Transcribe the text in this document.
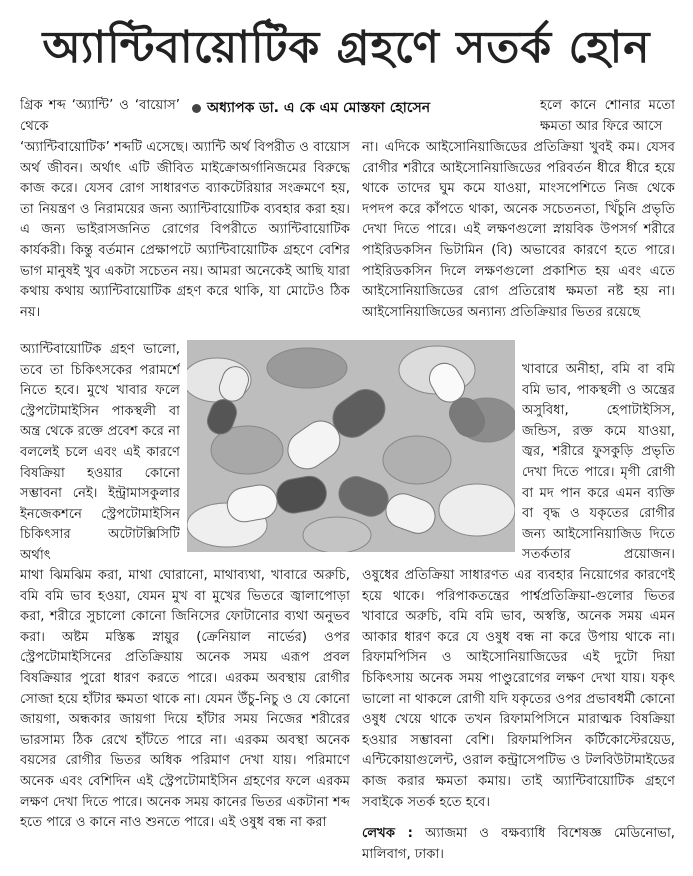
অ্যান্টিবায়োটিক গ্রহণে সতর্ক হোন
অধ্যাপক ডা. এ কে এম মোস্তফা হোসেন

গ্রিক শব্দ ‘অ্যান্টি’ ও ‘বায়োস’ থেকে

‘অ্যান্টিবায়োটিক’ শব্দটি এসেছে। অ্যান্টি অর্থ বিপরীত ও বায়োস অর্থ জীবন। অর্থাৎ এটি জীবিত মাইক্রোঅর্গানিজমের বিরুদ্ধে কাজ করে। যেসব রোগ সাধারণত ব্যাকটেরিয়ার সংক্রমণে হয়, তা নিয়ন্ত্রণ ও নিরাময়ের জন্য অ্যান্টিবায়োটিক ব্যবহার করা হয়। এ জন্য ভাইরাসজনিত রোগের বিপরীতে অ্যান্টিবায়োটিক কার্যকরী। কিন্তু বর্তমান প্রেক্ষাপটে অ্যান্টিবায়োটিক গ্রহণে বেশির ভাগ মানুষই খুব একটা সচেতন নয়। আমরা অনেকেই আছি যারা কথায় কথায় অ্যান্টিবায়োটিক গ্রহণ করে থাকি, যা মোটেও ঠিক নয়।

অ্যান্টিবায়োটিক গ্রহণ ভালো, তবে তা চিকিৎসকের পরামর্শে নিতে হবে। মুখে খাবার ফলে স্ট্রেপটোমাইসিন পাকস্থলী বা অন্ত্র থেকে রক্তে প্রবেশ করে না বললেই চলে এবং এই কারণে বিষক্রিয়া হওয়ার কোনো সম্ভাবনা নেই। ইন্ট্রামাসকুলার ইনজেকশনে স্ট্রেপটোমাইসিন চিকিৎসার অটোটক্সিসিটি অর্থাৎ

মাথা ঝিমঝিম করা, মাথা ঘোরানো, মাথাব্যথা, খাবারে অরুচি, বমি বমি ভাব হওয়া, যেমন মুখ বা মুখের ভিতরে জ্বালাপোড়া করা, শরীরে সুচালো কোনো জিনিসের ফোটানোর ব্যথা অনুভব করা। অষ্টম মস্তিষ্ক স্নায়ুর (ক্রেনিয়াল নার্ভের) ওপর স্ট্রেপটোমাইসিনের প্রতিক্রিয়ায় অনেক সময় এরূপ প্রবল বিষক্রিয়ার পুরো ধারণ করতে পারে। এরকম অবস্থায় রোগীর সোজা হয়ে হাঁটার ক্ষমতা থাকে না। যেমন উঁচু-নিচু ও যে কোনো জায়গা, অন্ধকার জায়গা দিয়ে হাঁটার সময় নিজের শরীরের ভারসাম্য ঠিক রেখে হাঁটতে পারে না। এরকম অবস্থা অনেক বয়সের রোগীর ভিতর অধিক পরিমাণ দেখা যায়। পরিমাণে অনেক এবং বেশিদিন এই স্ট্রেপটোমাইসিন গ্রহণের ফলে এরকম লক্ষণ দেখা দিতে পারে। অনেক সময় কানের ভিতর একটানা শব্দ হতে পারে ও কানে নাও শুনতে পারে। এই ওষুধ বন্ধ না করা

হলে কানে শোনার মতো ক্ষমতা আর ফিরে আসে

না। এদিকে আইসোনিয়াজিডের প্রতিক্রিয়া খুবই কম। যেসব রোগীর শরীরে আইসোনিয়াজিডের পরিবর্তন ধীরে ধীরে হয়ে থাকে তাদের ঘুম কমে যাওয়া, মাংসপেশিতে নিজ থেকে দপদপ করে কাঁপতে থাকা, অনেক সচেতনতা, খিঁচুনি প্রভৃতি দেখা দিতে পারে। এই লক্ষণগুলো স্নায়বিক উপসর্গ শরীরে পাইরিডকসিন ভিটামিন (বি) অভাবের কারণে হতে পারে। পাইরিডকসিন দিলে লক্ষণগুলো প্রকাশিত হয় এবং এতে আইসোনিয়াজিডের রোগ প্রতিরোধ ক্ষমতা নষ্ট হয় না। আইসোনিয়াজিডের অন্যান্য প্রতিক্রিয়ার ভিতর রয়েছে

খাবারে অনীহা, বমি বা বমি বমি ভাব, পাকস্থলী ও অন্ত্রের অসুবিধা, হেপাটাইসিস, জন্ডিস, রক্ত কমে যাওয়া, জ্বর, শরীরে ফুসকুড়ি প্রভৃতি দেখা দিতে পারে। মৃগী রোগী বা মদ পান করে এমন ব্যক্তি বা বৃদ্ধ ও যকৃতের রোগীর জন্য আইসোনিয়াজিড দিতে সতর্কতার প্রয়োজন।

ওষুধের প্রতিক্রিয়া সাধারণত এর ব্যবহার নিয়োগের কারণেই হয়ে থাকে। পরিপাকতন্ত্রের পার্শ্বপ্রতিক্রিয়া-গুলোর ভিতর খাবারে অরুচি, বমি বমি ভাব, অস্বস্তি, অনেক সময় এমন আকার ধারণ করে যে ওষুধ বন্ধ না করে উপায় থাকে না। রিফামপিসিন ও আইসোনিয়াজিডের এই দুটো দিয়া চিকিৎসায় অনেক সময় পাণ্ডুরোগের লক্ষণ দেখা যায়। যকৃৎ ভালো না থাকলে রোগী যদি যকৃতের ওপর প্রভাবধর্মী কোনো ওষুধ খেয়ে থাকে তখন রিফামপিসিনে মারাত্মক বিষক্রিয়া হওয়ার সম্ভাবনা বেশি। রিফামপিসিন কর্টিকোস্টেরয়েড, এন্টিকোয়াগুলেন্ট, ওরাল কন্ট্রাসেপটিভ ও টলবিউটামাইডের কাজ করার ক্ষমতা কমায়। তাই অ্যান্টিবায়োটিক গ্রহণে সবাইকে সতর্ক হতে হবে।

লেখক : অ্যাজমা ও বক্ষব্যাধি বিশেষজ্ঞ মেডিনোভা, মালিবাগ, ঢাকা।
